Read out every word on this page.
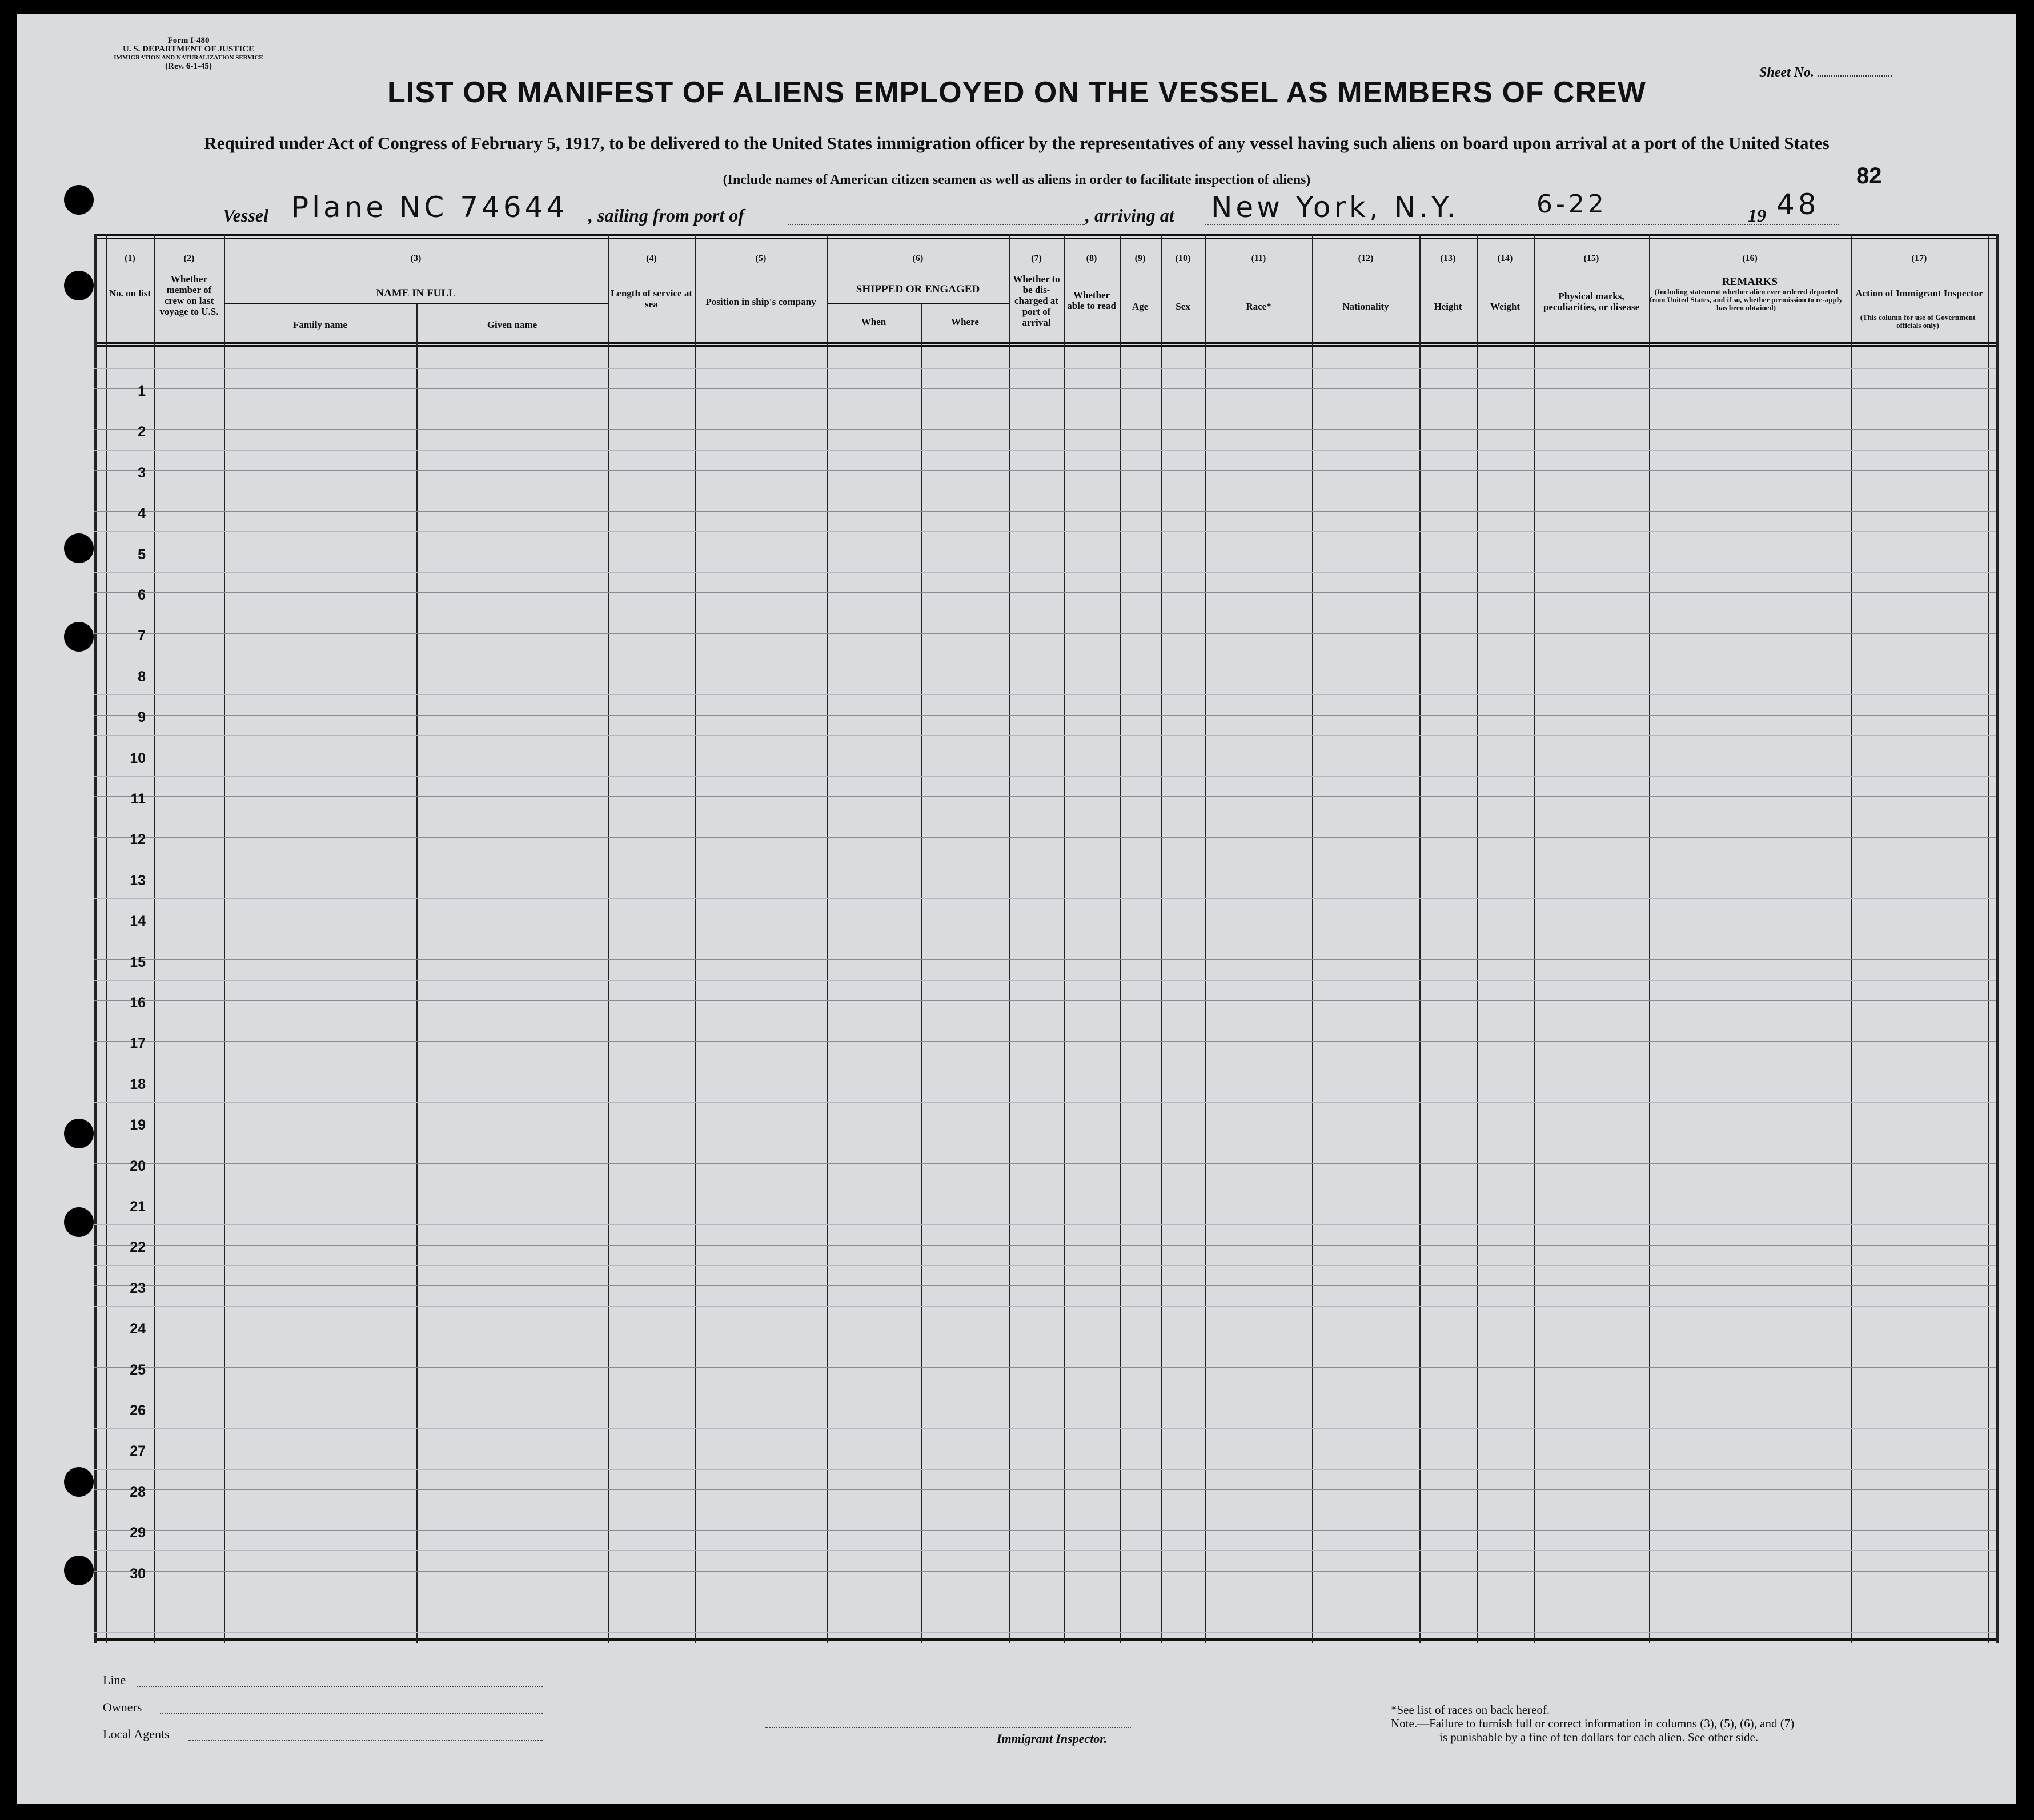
Form I-480
U. S. DEPARTMENT OF JUSTICE
IMMIGRATION AND NATURALIZATION SERVICE
(Rev. 6-1-45)	Sheet No.
LIST OR MANIFEST OF ALIENS EMPLOYED ON THE VESSEL AS MEMBERS OF CREW
Required under Act of Congress of February 5, 1917, to be delivered to the United States immigration officer by the representatives of any vessel having such aliens on board upon arrival at a port of the United States
(Include names of American citizen seamen as well as aliens in order to facilitate inspection of aliens)	82
Vessel Plane NC 74644 , sailing from port of	, arriving at New York, N.Y.	6-22	19 48
(1)
No. on list
(2)
Whether member of crew on last voyage to U.S.
(3)
NAME IN FULL
(4)
Length of service at sea
(5)
Position in ship's company
(6)
SHIPPED OR ENGAGED
(7)
Whether to be dis-charged at port of arrival
(8)
Whether able to read
(9)
Age
(10)
Sex
(11)
Race*
(12)
Nationality
(13)
Height
(14)
Weight
(15)
Physical marks, peculiarities, or disease
(16)
REMARKS
(17)
Action of Immigrant Inspector
Family name	Given name	When	Where
(Including statement whether alien ever ordered deported from United States, and if so, whether permission to re-apply has been obtained)
(This column for use of Government officials only)
1
2
3
4
5
6
7
8
9
10
11
12
13
14
15
16
17
18
19
20
21
22
23
24
25
26
27
28
29
30
Line
Owners
Local Agents	Immigrant Inspector.
*See list of races on back hereof.
Note.—Failure to furnish full or correct information in columns (3), (5), (6), and (7)
is punishable by a fine of ten dollars for each alien. See other side.
